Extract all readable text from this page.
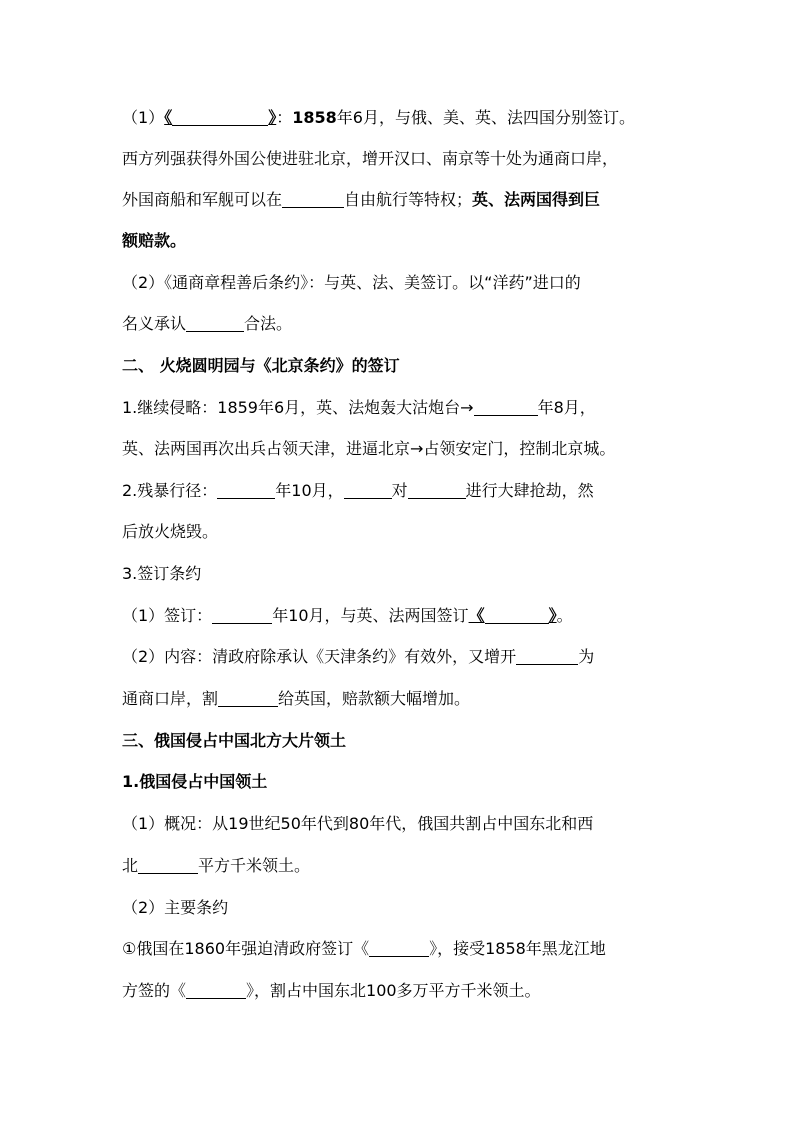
（1）《	》：1858年6月，与俄、美、英、法四国分别签订。
西方列强获得外国公使进驻北京，增开汉口、南京等十处为通商口岸，
外国商船和军舰可以在	自由航行等特权；英、法两国得到巨
额赔款。
（2）《通商章程善后条约》：与英、法、美签订。以“洋药”进口的
名义承认	合法。
二、 火烧圆明园与《北京条约》的签订
1.继续侵略：1859年6月，英、法炮轰大沽炮台→	年8月，
英、法两国再次出兵占领天津，进逼北京→占领安定门，控制北京城。
2.残暴行径：	年10月，	对	进行大肆抢劫，然
后放火烧毁。
3.签订条约
（1）签订：	年10月，与英、法两国签订《	》。
（2）内容：清政府除承认《天津条约》有效外，又增开	为
通商口岸，割	给英国，赔款额大幅增加。
三、俄国侵占中国北方大片领土
1.俄国侵占中国领土
（1）概况：从19世纪50年代到80年代，俄国共割占中国东北和西
北	平方千米领土。
（2）主要条约
①俄国在1860年强迫清政府签订《	》，接受1858年黑龙江地
方签的《	》，割占中国东北100多万平方千米领土。
